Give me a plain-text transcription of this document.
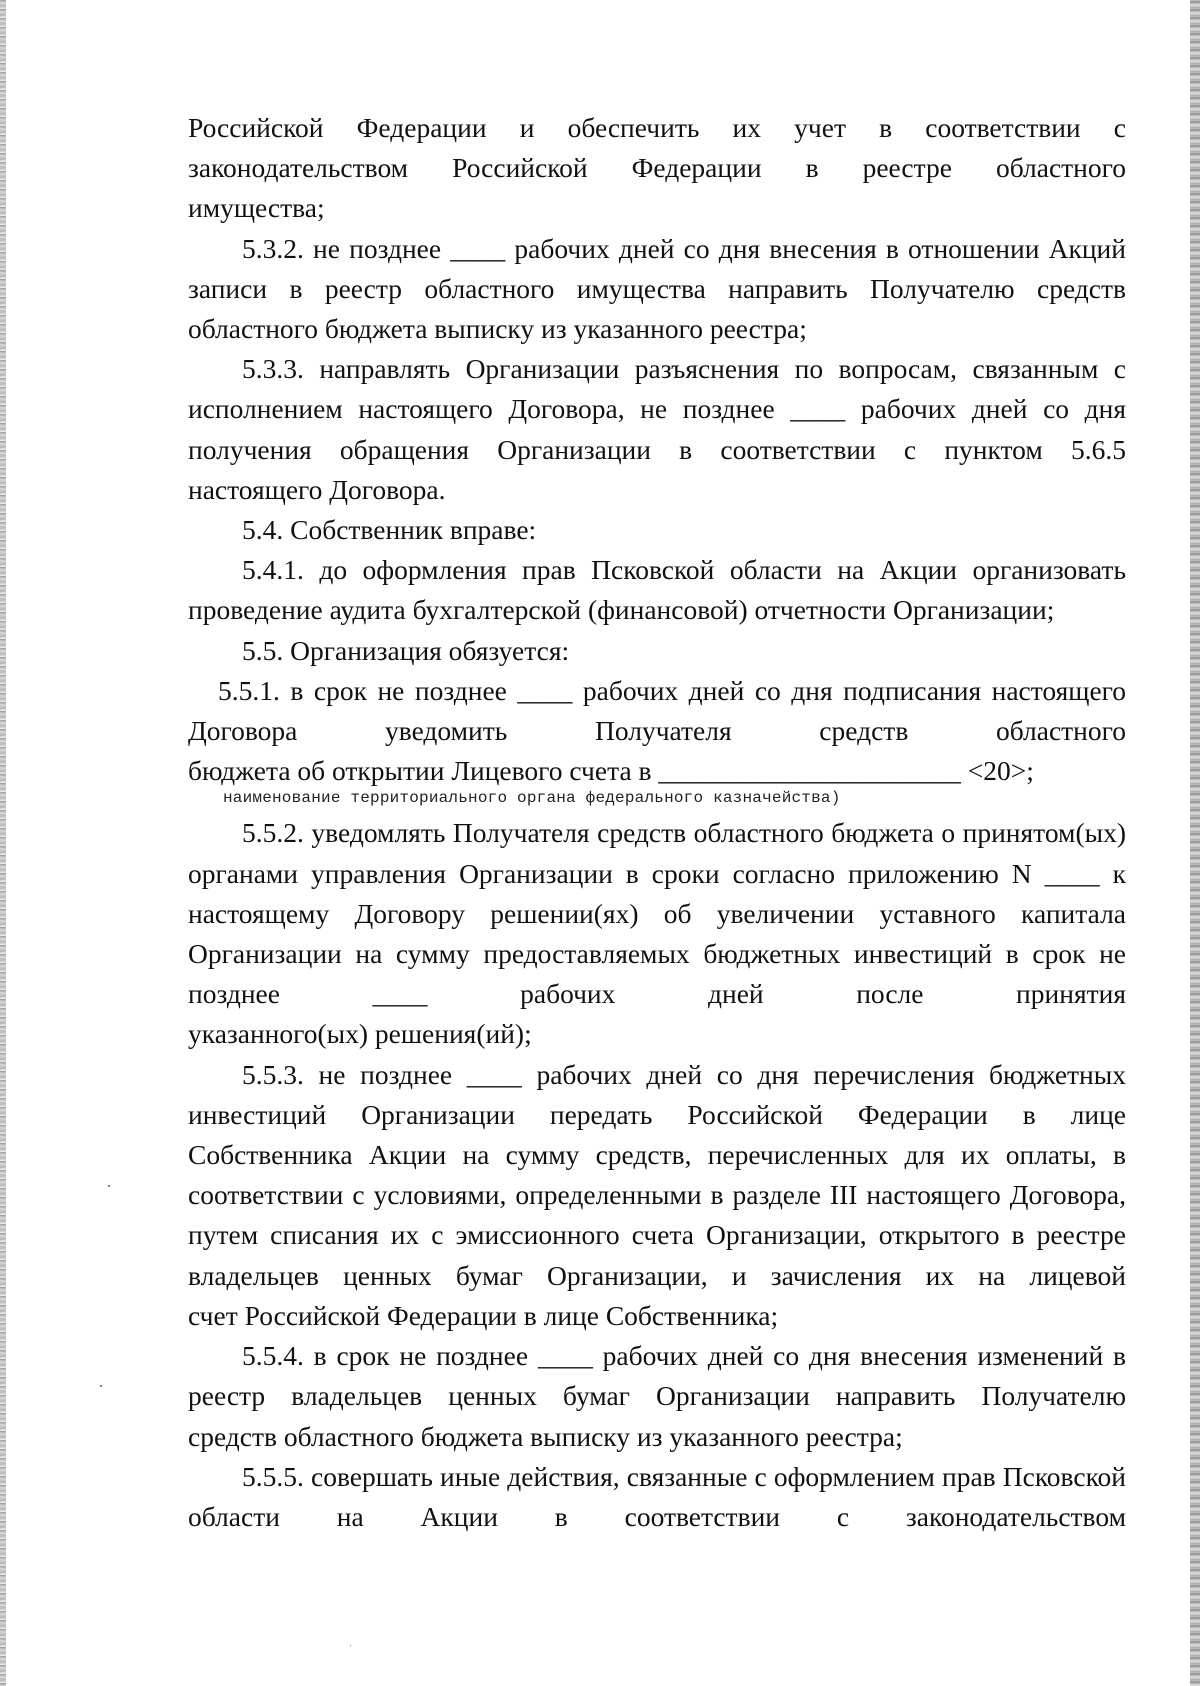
Российской Федерации и обеспечить их учет в соответствии с законодательством Российской Федерации в реестре областного

имущества;

5.3.2. не позднее ____ рабочих дней со дня внесения в отношении Акций записи в реестр областного имущества направить Получателю средств

областного бюджета выписку из указанного реестра;

5.3.3. направлять Организации разъяснения по вопросам, связанным с исполнением настоящего Договора, не позднее ____ рабочих дней со дня получения обращения Организации в соответствии с пунктом 5.6.5

настоящего Договора.

5.4. Собственник вправе:

5.4.1. до оформления прав Псковской области на Акции организовать

проведение аудита бухгалтерской (финансовой) отчетности Организации;

5.5. Организация обязуется:

5.5.1. в срок не позднее ____ рабочих дней со дня подписания настоящего Договора уведомить Получателя средств областного

бюджета об открытии Лицевого счета в ______________________ <20>;

наименование территориального органа федерального казначейства)

5.5.2. уведомлять Получателя средств областного бюджета о принятом(ых) органами управления Организации в сроки согласно приложению N ____ к настоящему Договору решении(ях) об увеличении уставного капитала Организации на сумму предоставляемых бюджетных инвестиций в срок не позднее ____ рабочих дней после принятия

указанного(ых) решения(ий);

5.5.3. не позднее ____ рабочих дней со дня перечисления бюджетных инвестиций Организации передать Российской Федерации в лице Собственника Акции на сумму средств, перечисленных для их оплаты, в соответствии с условиями, определенными в разделе III настоящего Договора, путем списания их с эмиссионного счета Организации, открытого в реестре владельцев ценных бумаг Организации, и зачисления их на лицевой

счет Российской Федерации в лице Собственника;

5.5.4. в срок не позднее ____ рабочих дней со дня внесения изменений в реестр владельцев ценных бумаг Организации направить Получателю

средств областного бюджета выписку из указанного реестра;

5.5.5. совершать иные действия, связанные с оформлением прав Псковской области на Акции в соответствии с законодательством
